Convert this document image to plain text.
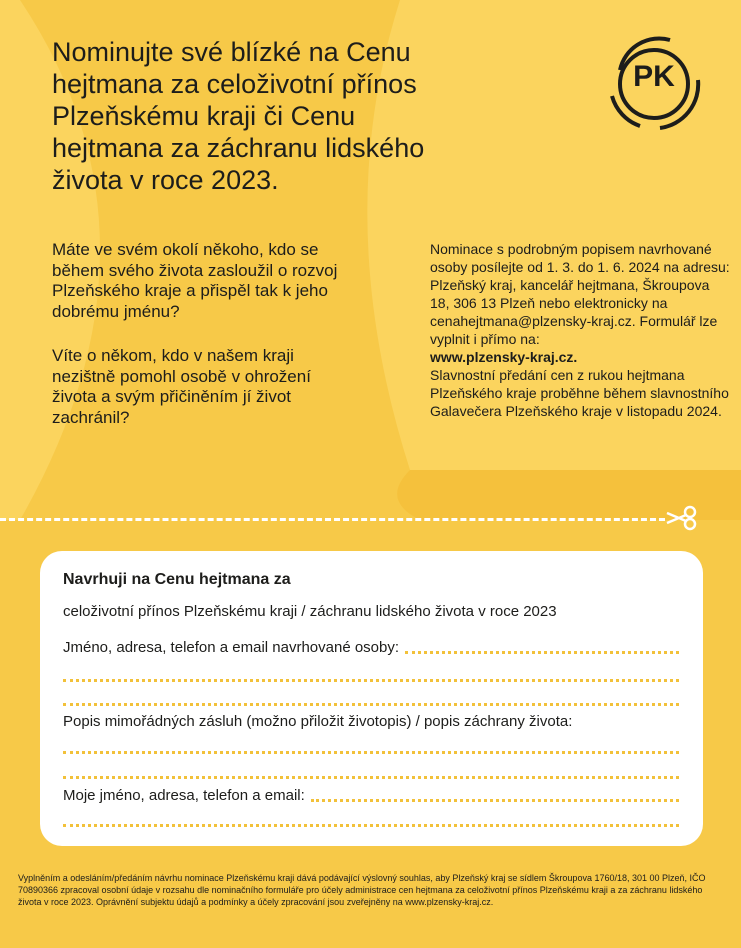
Nominujte své blízké na Cenu hejtmana za celoživotní přínos Plzeňskému kraji či Cenu hejtmana za záchranu lidského života v roce 2023.
PK

Máte ve svém okolí někoho, kdo se během svého života zasloužil o rozvoj Plzeňského kraje a přispěl tak k jeho dobrému jménu?

Víte o někom, kdo v našem kraji nezištně pomohl osobě v ohrožení života a svým přičiněním jí život zachránil?

Nominace s podrobným popisem navrhované osoby posílejte od 1. 3. do 1. 6. 2024 na adresu: Plzeňský kraj, kancelář hejtmana, Škroupova 18, 306 13 Plzeň nebo elektronicky na cenahejtmana@plzensky-kraj.cz. Formulář lze vyplnit i přímo na:

www.plzensky-kraj.cz.

Slavnostní předání cen z rukou hejtmana Plzeňského kraje proběhne během slavnostního Galavečera Plzeňského kraje v listopadu 2024.

Navrhuji na Cenu hejtmana za
celoživotní přínos Plzeňskému kraji / záchranu lidského života v roce 2023
Jméno, adresa, telefon a email navrhované osoby:
Popis mimořádných zásluh (možno přiložit životopis) / popis záchrany života:
Moje jméno, adresa, telefon a email:
Vyplněním a odesláním/předáním návrhu nominace Plzeňskému kraji dává podávající výslovný souhlas, aby Plzeňský kraj se sídlem Škroupova 1760/18, 301 00 Plzeň, IČO 70890366 zpracoval osobní údaje v rozsahu dle nominačního formuláře pro účely administrace cen hejtmana za celoživotní přínos Plzeňskému kraji a za záchranu lidského života v roce 2023. Oprávnění subjektu údajů a podmínky a účely zpracování jsou zveřejněny na www.plzensky-kraj.cz.
